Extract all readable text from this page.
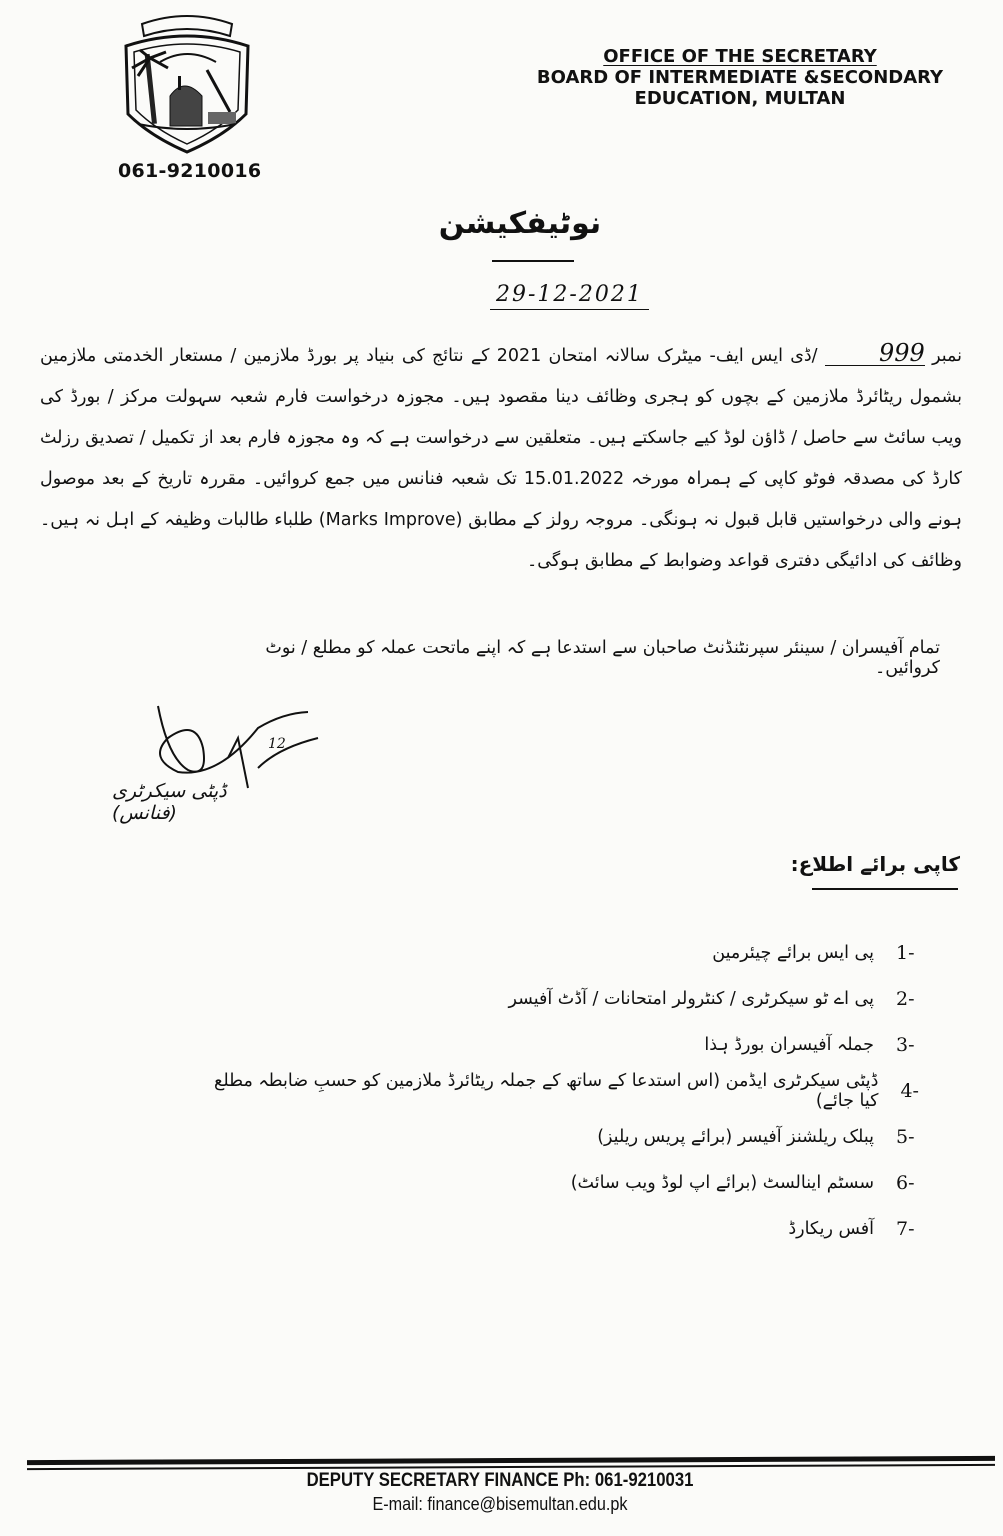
061-9210016
OFFICE OF THE SECRETARY
BOARD OF INTERMEDIATE &SECONDARY
EDUCATION, MULTAN
نوٹیفکیشن
29-12-2021
نمبر 999 /ڈی ایس ایف- میٹرک سالانہ امتحان 2021 کے نتائج کی بنیاد پر بورڈ ملازمین / مستعار الخدمتی ملازمین بشمول ریٹائرڈ ملازمین کے بچوں کو ہجری وظائف دینا مقصود ہیں۔ مجوزہ درخواست فارم شعبہ سہولت مرکز / بورڈ کی ویب سائٹ سے حاصل / ڈاؤن لوڈ کیے جاسکتے ہیں۔ متعلقین سے درخواست ہے کہ وہ مجوزہ فارم بعد از تکمیل / تصدیق رزلٹ کارڈ کی مصدقہ فوٹو کاپی کے ہمراہ مورخہ 15.01.2022 تک شعبہ فنانس میں جمع کروائیں۔ مقررہ تاریخ کے بعد موصول ہونے والی درخواستیں قابل قبول نہ ہونگی۔ مروجہ رولز کے مطابق (Marks Improve) طلباء طالبات وظیفہ کے اہل نہ ہیں۔ وظائف کی ادائیگی دفتری قواعد وضوابط کے مطابق ہوگی۔
تمام آفیسران / سینئر سپرنٹنڈنٹ صاحبان سے استدعا ہے کہ اپنے ماتحت عملہ کو مطلع / نوٹ کروائیں۔
12
ڈپٹی سیکرٹری (فنانس)
کاپی برائے اطلاع:
1-
پی ایس برائے چیئرمین
2-
پی اے ٹو سیکرٹری / کنٹرولر امتحانات / آڈٹ آفیسر
3-
جملہ آفیسران بورڈ ہذا
4-
ڈپٹی سیکرٹری ایڈمن (اس استدعا کے ساتھ کے جملہ ریٹائرڈ ملازمین کو حسبِ ضابطہ مطلع کیا جائے)
5-
پبلک ریلشنز آفیسر (برائے پریس ریلیز)
6-
سسٹم اینالسٹ (برائے اپ لوڈ ویب سائٹ)
7-
آفس ریکارڈ
DEPUTY SECRETARY FINANCE Ph: 061-9210031
E-mail: finance@bisemultan.edu.pk
